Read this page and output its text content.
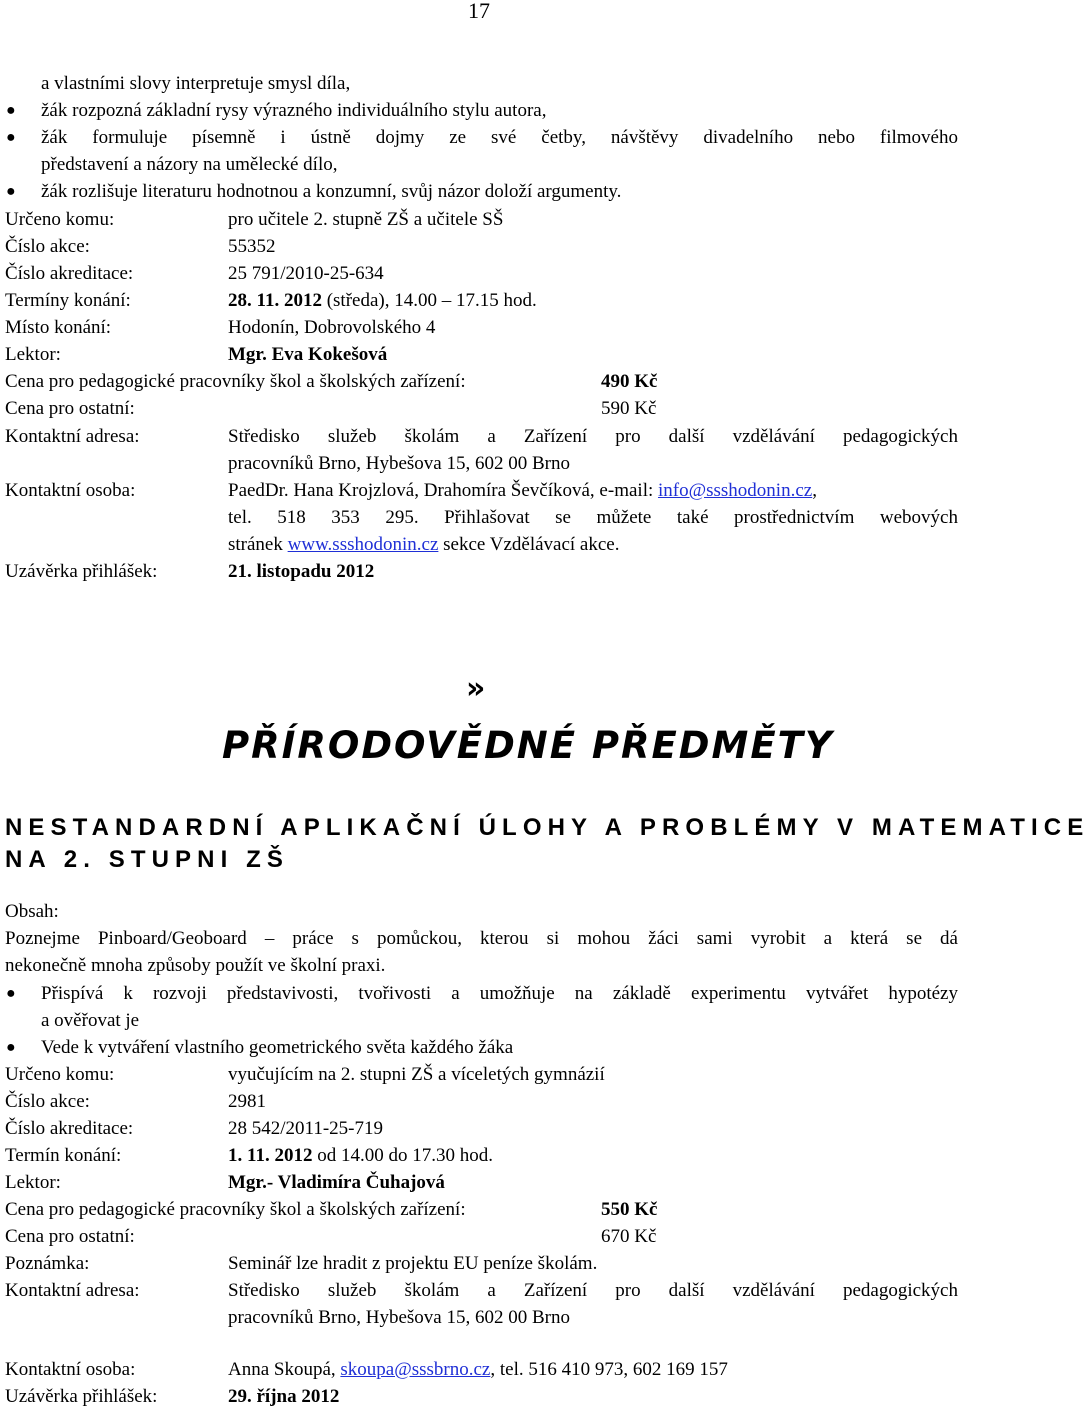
17
a vlastními slovy interpretuje smysl díla,
● žák rozpozná základní rysy výrazného individuálního stylu autora,
● žák formuluje písemně i ústně dojmy ze své četby, návštěvy divadelního nebo filmového
představení a názory na umělecké dílo,
● žák rozlišuje literaturu hodnotnou a konzumní, svůj názor doloží argumenty.
Určeno komu:	pro učitele 2. stupně ZŠ a učitele SŠ
Číslo akce:	55352
Číslo akreditace:	25 791/2010-25-634
Termíny konání:	28. 11. 2012 (středa), 14.00 – 17.15 hod.
Místo konání:	Hodonín, Dobrovolského 4
Lektor:	Mgr. Eva Kokešová
Cena pro pedagogické pracovníky škol a školských zařízení:	490 Kč
Cena pro ostatní:	590 Kč
Kontaktní adresa:	Středisko služeb školám a Zařízení pro další vzdělávání pedagogických
pracovníků Brno, Hybešova 15, 602 00 Brno
Kontaktní osoba:	PaedDr. Hana Krojzlová, Drahomíra Ševčíková, e-mail: info@ssshodonin.cz,
tel. 518 353 295. Přihlašovat se můžete také prostřednictvím webových
stránek www.ssshodonin.cz sekce Vzdělávací akce.
Uzávěrka přihlášek:	21. listopadu 2012
»
PŘÍRODOVĚDNÉ PŘEDMĚTY
NESTANDARDNÍ APLIKAČNÍ ÚLOHY A PROBLÉMY V MATEMATICE
NA 2. STUPNI ZŠ
Obsah:
Poznejme Pinboard/Geoboard – práce s pomůckou, kterou si mohou žáci sami vyrobit a která se dá
nekonečně mnoha způsoby použít ve školní praxi.
● Přispívá k rozvoji představivosti, tvořivosti a umožňuje na základě experimentu vytvářet hypotézy
a ověřovat je
● Vede k vytváření vlastního geometrického světa každého žáka
Určeno komu:	vyučujícím na 2. stupni ZŠ a víceletých gymnázií
Číslo akce:	2981
Číslo akreditace:	28 542/2011-25-719
Termín konání:	1. 11. 2012 od 14.00 do 17.30 hod.
Lektor:	Mgr.- Vladimíra Čuhajová
Cena pro pedagogické pracovníky škol a školských zařízení:	550 Kč
Cena pro ostatní:	670 Kč
Poznámka:	Seminář lze hradit z projektu EU peníze školám.
Kontaktní adresa:	Středisko služeb školám a Zařízení pro další vzdělávání pedagogických
pracovníků Brno, Hybešova 15, 602 00 Brno
Kontaktní osoba:	Anna Skoupá, skoupa@sssbrno.cz, tel. 516 410 973, 602 169 157
Uzávěrka přihlášek:	29. října 2012
